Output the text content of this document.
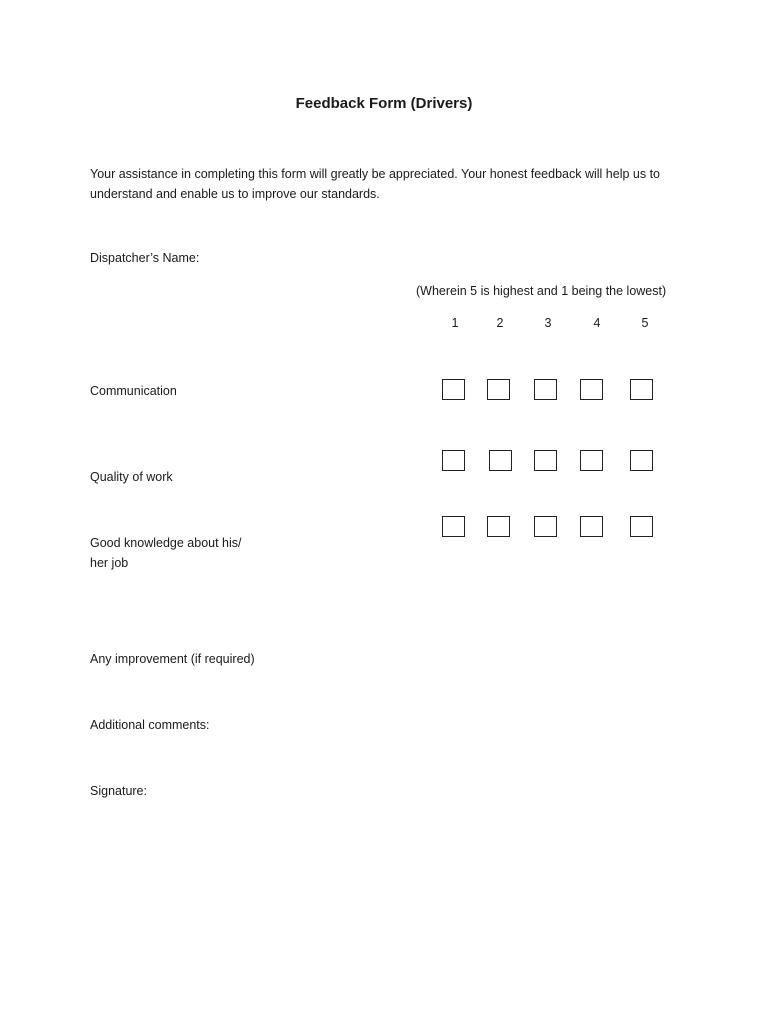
Feedback Form (Drivers)
Your assistance in completing this form will greatly be appreciated. Your honest feedback will help us to
understand and enable us to improve our standards.
Dispatcher’s Name:
(Wherein 5 is highest and 1 being the lowest)
1	2	3	4	5
Communication
Quality of work
Good knowledge about his/
her job
Any improvement (if required)
Additional comments:
Signature:
